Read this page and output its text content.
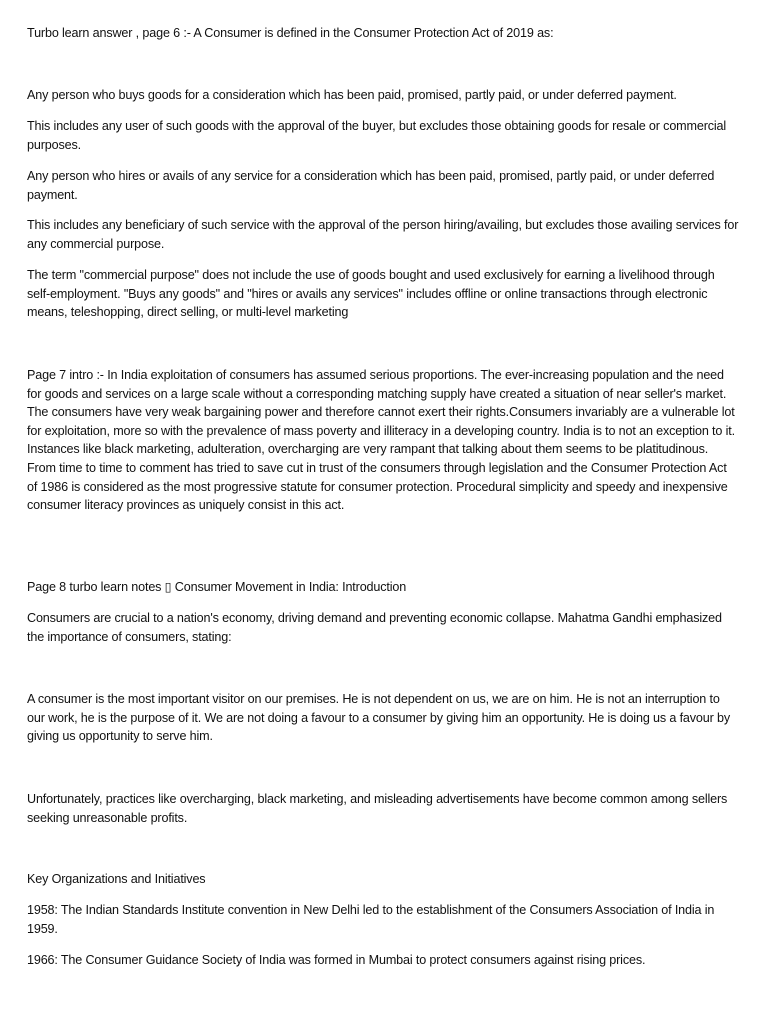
Turbo learn answer , page 6 :- A Consumer is defined in the Consumer Protection Act of 2019 as:

Any person who buys goods for a consideration which has been paid, promised, partly paid, or under deferred payment.

This includes any user of such goods with the approval of the buyer, but excludes those obtaining goods for resale or commercial purposes.

Any person who hires or avails of any service for a consideration which has been paid, promised, partly paid, or under deferred payment.

This includes any beneficiary of such service with the approval of the person hiring/availing, but excludes those availing services for any commercial purpose.

The term "commercial purpose" does not include the use of goods bought and used exclusively for earning a livelihood through self-employment. "Buys any goods" and "hires or avails any services" includes offline or online transactions through electronic means, teleshopping, direct selling, or multi-level marketing

Page 7 intro :- In India exploitation of consumers has assumed serious proportions. The ever-increasing population and the need for goods and services on a large scale without a corresponding matching supply have created a situation of near seller's market. The consumers have very weak bargaining power and therefore cannot exert their rights.Consumers invariably are a vulnerable lot for exploitation, more so with the prevalence of mass poverty and illiteracy in a developing country. India is to not an exception to it. Instances like black marketing, adulteration, overcharging are very rampant that talking about them seems to be platitudinous. From time to time to comment has tried to save cut in trust of the consumers through legislation and the Consumer Protection Act of 1986 is considered as the most progressive statute for consumer protection. Procedural simplicity and speedy and inexpensive consumer literacy provinces as uniquely consist in this act.

Page 8 turbo learn notes ▯ Consumer Movement in India: Introduction

Consumers are crucial to a nation's economy, driving demand and preventing economic collapse. Mahatma Gandhi emphasized the importance of consumers, stating:

A consumer is the most important visitor on our premises. He is not dependent on us, we are on him. He is not an interruption to our work, he is the purpose of it. We are not doing a favour to a consumer by giving him an opportunity. He is doing us a favour by giving us opportunity to serve him.

Unfortunately, practices like overcharging, black marketing, and misleading advertisements have become common among sellers seeking unreasonable profits.

Key Organizations and Initiatives

1958: The Indian Standards Institute convention in New Delhi led to the establishment of the Consumers Association of India in 1959.

1966: The Consumer Guidance Society of India was formed in Mumbai to protect consumers against rising prices.
